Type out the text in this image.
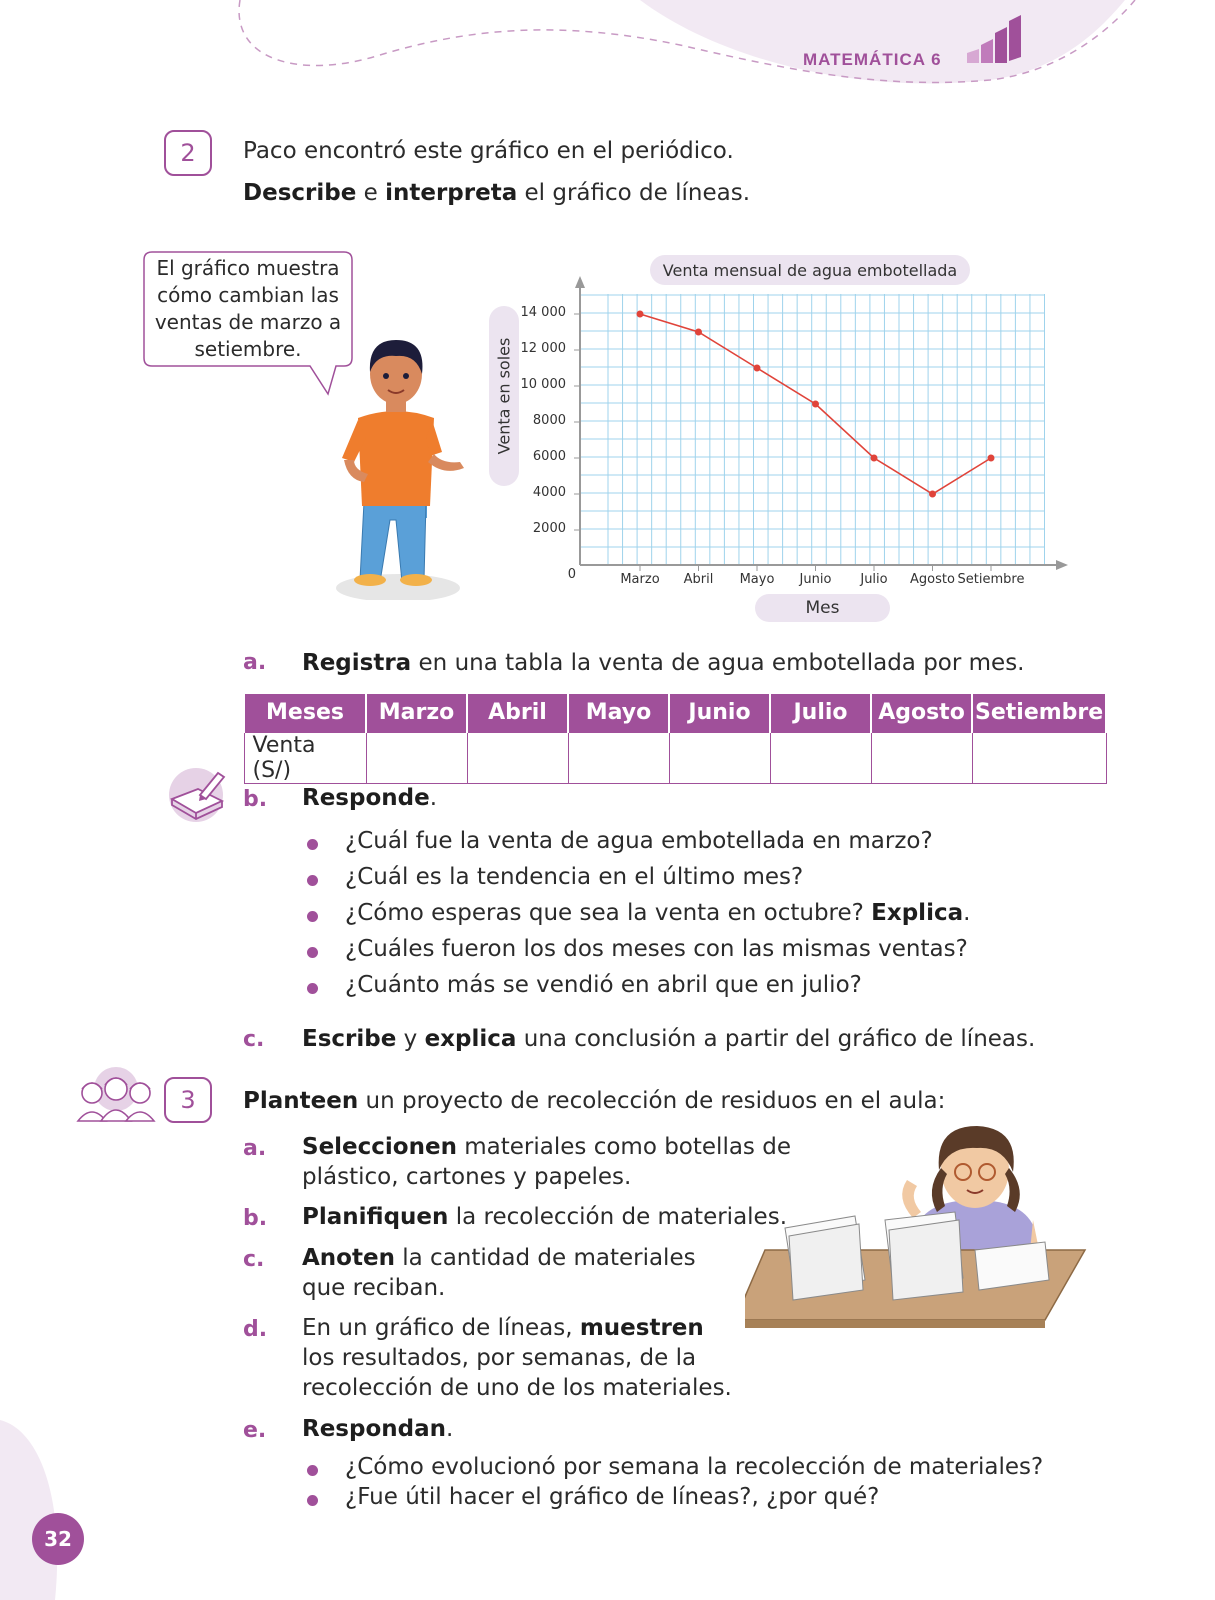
MATEMÁTICA 6
2	Paco encontró este gráfico en el periódico.
Describe e interpreta el gráfico de líneas.
El gráfico muestra cómo cambian las ventas de marzo a setiembre.
Venta mensual de agua embotellada
Venta en soles
Mes
0
2000
4000
6000
8000
10 000
12 000
14 000
Marzo	Abril	Mayo	Junio	Julio	Agosto Setiembre
a. Registra en una tabla la venta de agua embotellada por mes.
Meses	Marzo	Abril	Mayo	Junio	Julio	Agosto	Setiembre
Venta (S/)							
b. Responde.
¿Cuál fue la venta de agua embotellada en marzo?
¿Cuál es la tendencia en el último mes?
¿Cómo esperas que sea la venta en octubre? Explica.
¿Cuáles fueron los dos meses con las mismas ventas?
¿Cuánto más se vendió en abril que en julio?
c. Escribe y explica una conclusión a partir del gráfico de líneas.
3	Planteen un proyecto de recolección de residuos en el aula:
a. Seleccionen materiales como botellas de
plástico, cartones y papeles.
b. Planifiquen la recolección de materiales.
c. Anoten la cantidad de materiales
que reciban.
d. En un gráfico de líneas, muestren
los resultados, por semanas, de la
recolección de uno de los materiales.
e. Respondan.
¿Cómo evolucionó por semana la recolección de materiales?
¿Fue útil hacer el gráfico de líneas?, ¿por qué?
32
